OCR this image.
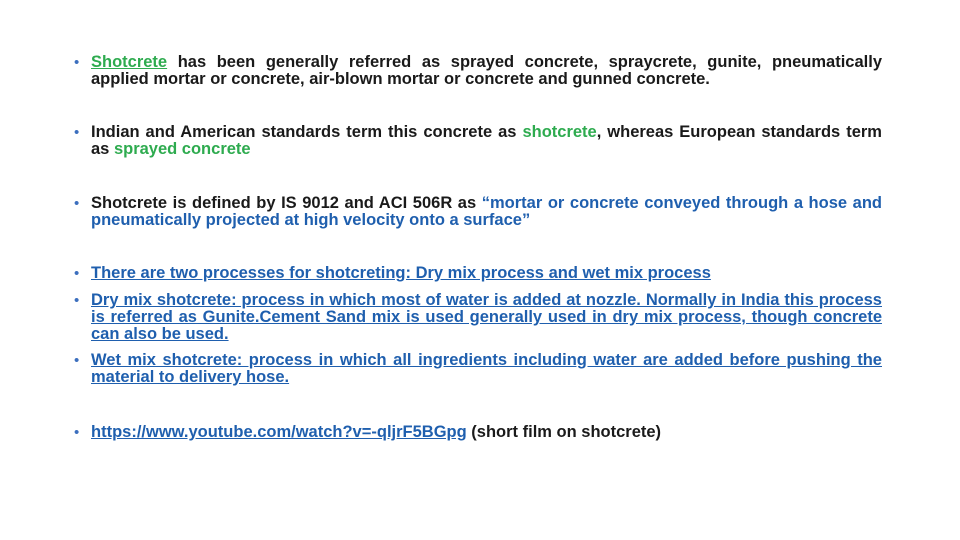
• Shotcrete has been generally referred as sprayed concrete, spraycrete, gunite, pneumatically applied mortar or concrete, air-blown mortar or concrete and gunned concrete.
• Indian and American standards term this concrete as shotcrete, whereas European standards term as sprayed concrete
• Shotcrete is defined by IS 9012 and ACI 506R as “mortar or concrete conveyed through a hose and pneumatically projected at high velocity onto a surface”
• There are two processes for shotcreting: Dry mix process and wet mix process
• Dry mix shotcrete: process in which most of water is added at nozzle. Normally in India this process is referred as Gunite.Cement Sand mix is used generally used in dry mix process, though concrete can also be used.
• Wet mix shotcrete: process in which all ingredients including water are added before pushing the material to delivery hose.
• https://www.youtube.com/watch?v=-qljrF5BGpg (short film on shotcrete)
